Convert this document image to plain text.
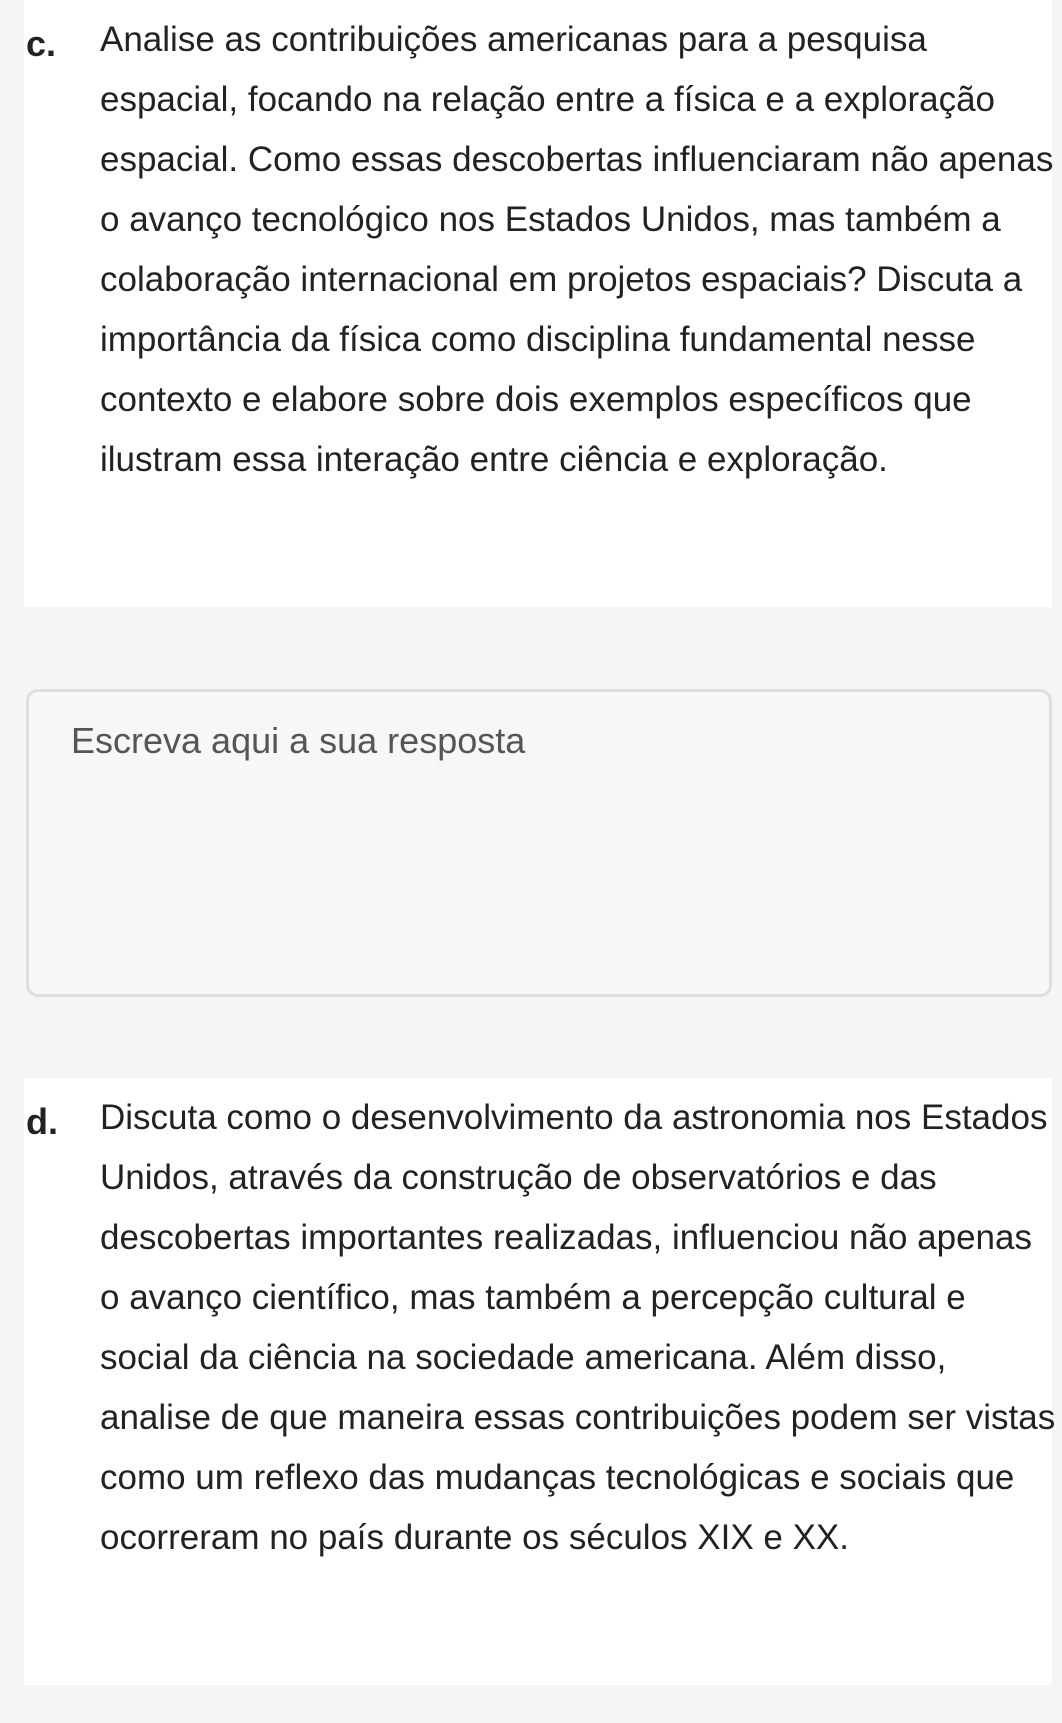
c. Analise as contribuições americanas para a pesquisa espacial, focando na relação entre a física e a exploração espacial. Como essas descobertas influenciaram não apenas o avanço tecnológico nos Estados Unidos, mas também a colaboração internacional em projetos espaciais? Discuta a importância da física como disciplina fundamental nesse contexto e elabore sobre dois exemplos específicos que ilustram essa interação entre ciência e exploração.

Escreva aqui a sua resposta
d. Discuta como o desenvolvimento da astronomia nos Estados Unidos, através da construção de observatórios e das descobertas importantes realizadas, influenciou não apenas o avanço científico, mas também a percepção cultural e social da ciência na sociedade americana. Além disso, analise de que maneira essas contribuições podem ser vistas como um reflexo das mudanças tecnológicas e sociais que ocorreram no país durante os séculos XIX e XX.
